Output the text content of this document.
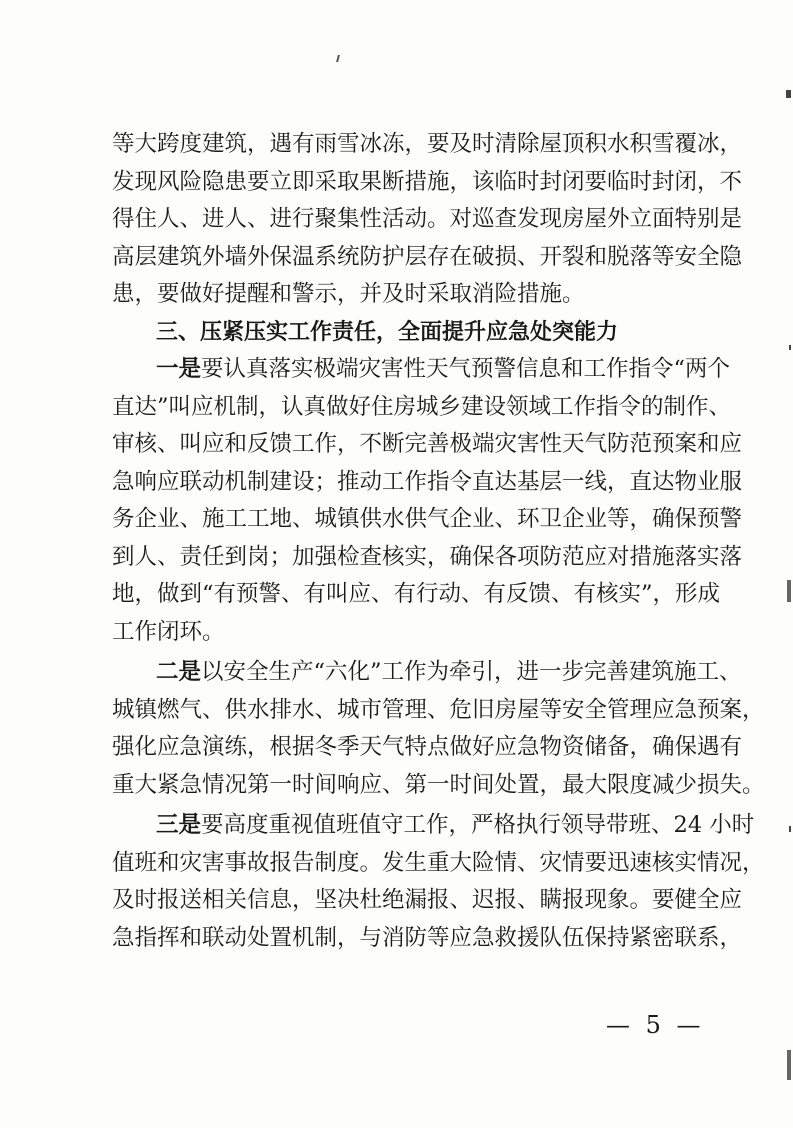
等大跨度建筑，遇有雨雪冰冻，要及时清除屋顶积水积雪覆冰，
发现风险隐患要立即采取果断措施，该临时封闭要临时封闭，不
得住人、进人、进行聚集性活动。对巡查发现房屋外立面特别是
高层建筑外墙外保温系统防护层存在破损、开裂和脱落等安全隐
患，要做好提醒和警示，并及时采取消险措施。
三、压紧压实工作责任，全面提升应急处突能力
一是要认真落实极端灾害性天气预警信息和工作指令“两个
直达”叫应机制，认真做好住房城乡建设领域工作指令的制作、
审核、叫应和反馈工作，不断完善极端灾害性天气防范预案和应
急响应联动机制建设；推动工作指令直达基层一线，直达物业服
务企业、施工工地、城镇供水供气企业、环卫企业等，确保预警
到人、责任到岗；加强检查核实，确保各项防范应对措施落实落
地，做到“有预警、有叫应、有行动、有反馈、有核实”，形成
工作闭环。
二是以安全生产“六化”工作为牵引，进一步完善建筑施工、
城镇燃气、供水排水、城市管理、危旧房屋等安全管理应急预案，
强化应急演练，根据冬季天气特点做好应急物资储备，确保遇有
重大紧急情况第一时间响应、第一时间处置，最大限度减少损失。
三是要高度重视值班值守工作，严格执行领导带班、24 小时
值班和灾害事故报告制度。发生重大险情、灾情要迅速核实情况，
及时报送相关信息，坚决杜绝漏报、迟报、瞒报现象。要健全应
急指挥和联动处置机制，与消防等应急救援队伍保持紧密联系，
— 5 —
